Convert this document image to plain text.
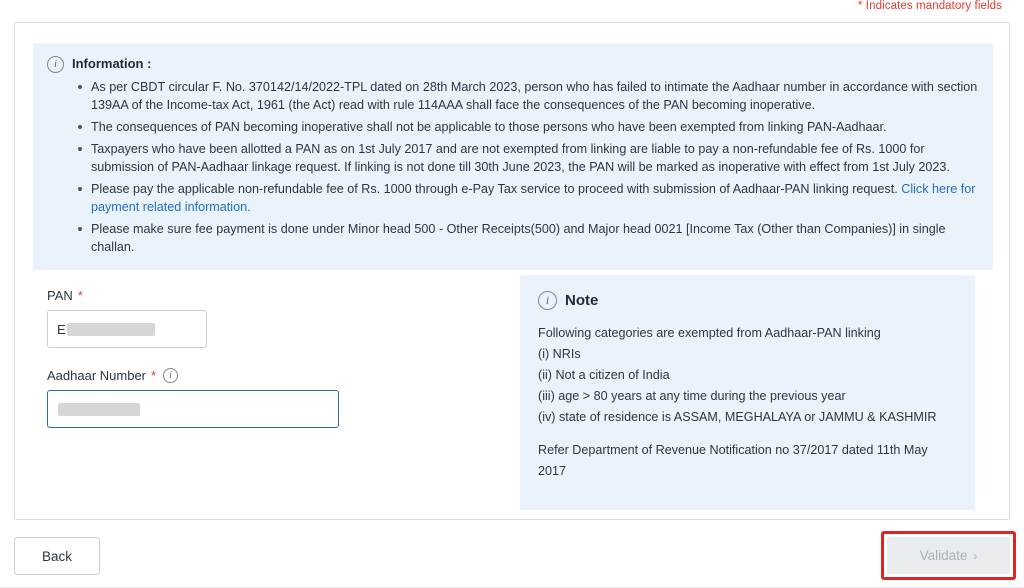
* Indicates mandatory fields
i	Information :
As per CBDT circular F. No. 370142/14/2022-TPL dated on 28th March 2023, person who has failed to intimate the Aadhaar number in accordance with section 139AA of the Income-tax Act, 1961 (the Act) read with rule 114AAA shall face the consequences of the PAN becoming inoperative.
The consequences of PAN becoming inoperative shall not be applicable to those persons who have been exempted from linking PAN-Aadhaar.
Taxpayers who have been allotted a PAN as on 1st July 2017 and are not exempted from linking are liable to pay a non-refundable fee of Rs. 1000 for submission of PAN-Aadhaar linkage request. If linking is not done till 30th June 2023, the PAN will be marked as inoperative with effect from 1st July 2023.
Please pay the applicable non-refundable fee of Rs. 1000 through e-Pay Tax service to proceed with submission of Aadhaar-PAN linking request. Click here for payment related information.
Please make sure fee payment is done under Minor head 500 - Other Receipts(500) and Major head 0021 [Income Tax (Other than Companies)] in single challan.
PAN *
E
Aadhaar Number *	i
i	Note
Following categories are exempted from Aadhaar-PAN linking
(i) NRIs
(ii) Not a citizen of India
(iii) age > 80 years at any time during the previous year
(iv) state of residence is ASSAM, MEGHALAYA or JAMMU & KASHMIR
Refer Department of Revenue Notification no 37/2017 dated 11th May 2017
Back	Validate ›
